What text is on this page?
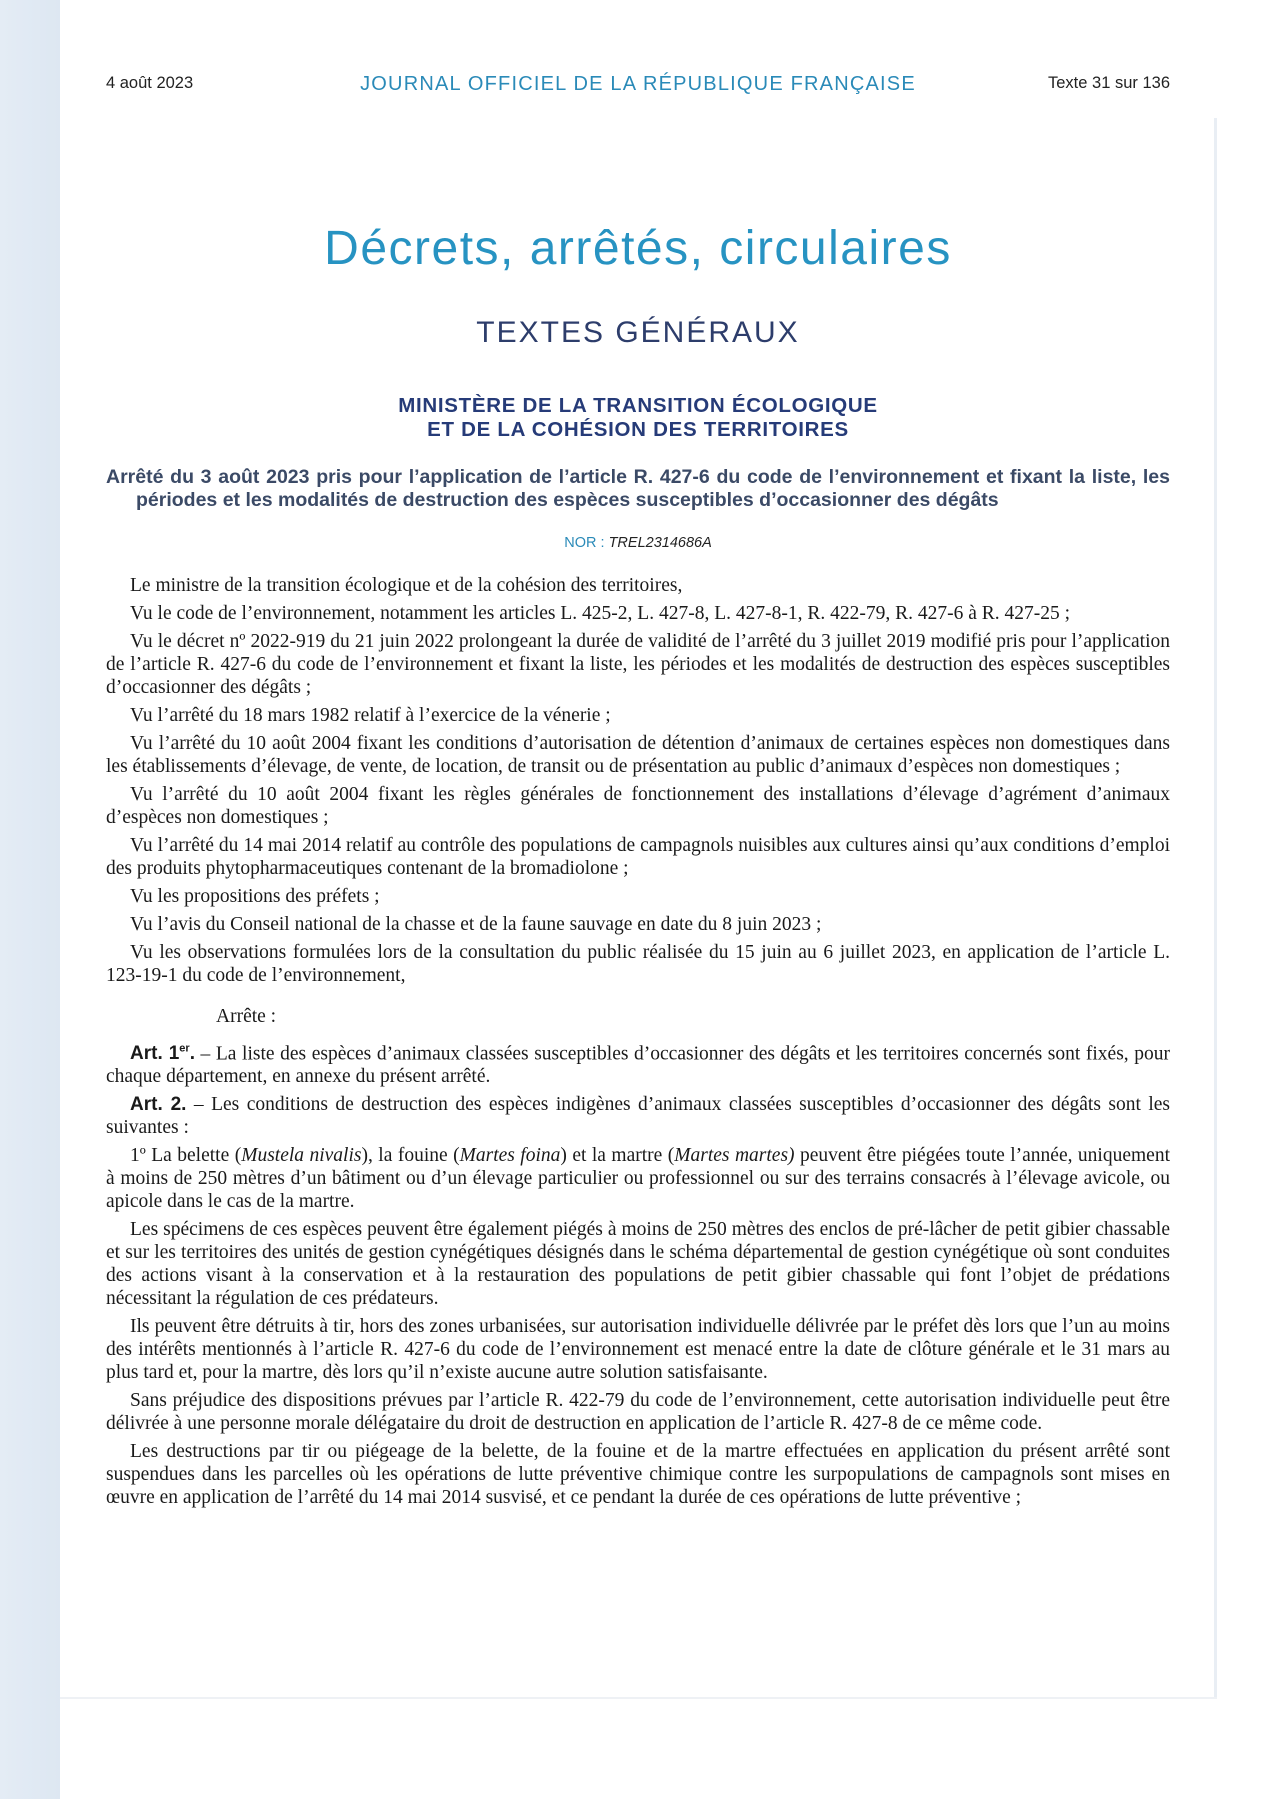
4 août 2023	JOURNAL OFFICIEL DE LA RÉPUBLIQUE FRANÇAISE	Texte 31 sur 136
Décrets, arrêtés, circulaires
TEXTES GÉNÉRAUX
MINISTÈRE DE LA TRANSITION ÉCOLOGIQUE
ET DE LA COHÉSION DES TERRITOIRES
Arrêté du 3 août 2023 pris pour l’application de l’article R. 427-6 du code de l’environnement et fixant la liste, les périodes et les modalités de destruction des espèces susceptibles d’occasionner des dégâts
NOR : TREL2314686A

Le ministre de la transition écologique et de la cohésion des territoires,

Vu le code de l’environnement, notamment les articles L. 425-2, L. 427-8, L. 427-8-1, R. 422-79, R. 427-6 à R. 427-25 ;

Vu le décret nº 2022-919 du 21 juin 2022 prolongeant la durée de validité de l’arrêté du 3 juillet 2019 modifié pris pour l’application de l’article R. 427-6 du code de l’environnement et fixant la liste, les périodes et les modalités de destruction des espèces susceptibles d’occasionner des dégâts ;

Vu l’arrêté du 18 mars 1982 relatif à l’exercice de la vénerie ;

Vu l’arrêté du 10 août 2004 fixant les conditions d’autorisation de détention d’animaux de certaines espèces non domestiques dans les établissements d’élevage, de vente, de location, de transit ou de présentation au public d’animaux d’espèces non domestiques ;

Vu l’arrêté du 10 août 2004 fixant les règles générales de fonctionnement des installations d’élevage d’agrément d’animaux d’espèces non domestiques ;

Vu l’arrêté du 14 mai 2014 relatif au contrôle des populations de campagnols nuisibles aux cultures ainsi qu’aux conditions d’emploi des produits phytopharmaceutiques contenant de la bromadiolone ;

Vu les propositions des préfets ;

Vu l’avis du Conseil national de la chasse et de la faune sauvage en date du 8 juin 2023 ;

Vu les observations formulées lors de la consultation du public réalisée du 15 juin au 6 juillet 2023, en application de l’article L. 123-19-1 du code de l’environnement,

Arrête :

Art. 1er. – La liste des espèces d’animaux classées susceptibles d’occasionner des dégâts et les territoires concernés sont fixés, pour chaque département, en annexe du présent arrêté.

Art. 2. – Les conditions de destruction des espèces indigènes d’animaux classées susceptibles d’occasionner des dégâts sont les suivantes :

1º La belette (Mustela nivalis), la fouine (Martes foina) et la martre (Martes martes) peuvent être piégées toute l’année, uniquement à moins de 250 mètres d’un bâtiment ou d’un élevage particulier ou professionnel ou sur des terrains consacrés à l’élevage avicole, ou apicole dans le cas de la martre.

Les spécimens de ces espèces peuvent être également piégés à moins de 250 mètres des enclos de pré-lâcher de petit gibier chassable et sur les territoires des unités de gestion cynégétiques désignés dans le schéma départemental de gestion cynégétique où sont conduites des actions visant à la conservation et à la restauration des populations de petit gibier chassable qui font l’objet de prédations nécessitant la régulation de ces prédateurs.

Ils peuvent être détruits à tir, hors des zones urbanisées, sur autorisation individuelle délivrée par le préfet dès lors que l’un au moins des intérêts mentionnés à l’article R. 427-6 du code de l’environnement est menacé entre la date de clôture générale et le 31 mars au plus tard et, pour la martre, dès lors qu’il n’existe aucune autre solution satisfaisante.

Sans préjudice des dispositions prévues par l’article R. 422-79 du code de l’environnement, cette autorisation individuelle peut être délivrée à une personne morale délégataire du droit de destruction en application de l’article R. 427-8 de ce même code.

Les destructions par tir ou piégeage de la belette, de la fouine et de la martre effectuées en application du présent arrêté sont suspendues dans les parcelles où les opérations de lutte préventive chimique contre les surpopulations de campagnols sont mises en œuvre en application de l’arrêté du 14 mai 2014 susvisé, et ce pendant la durée de ces opérations de lutte préventive ;
